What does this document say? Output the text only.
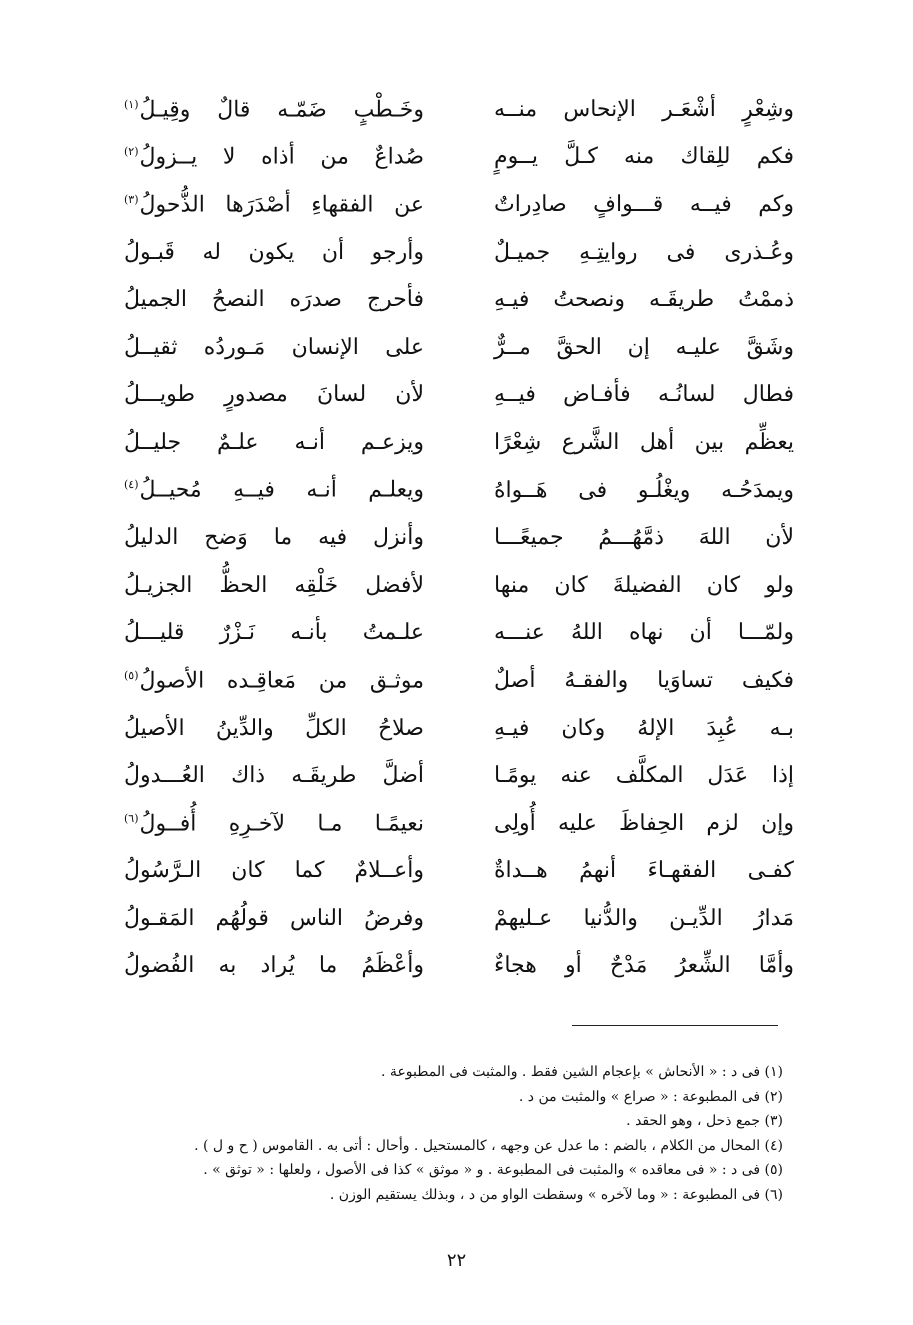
وشِعْرٍ أشْعَـر الإنحاس منــه
وخَـطْبٍ ضَمّـه قالٌ وقِيـلُ$^{(١)}$
فكم للِقاك منه كـلَّ يــومٍ
صُداعٌ من أذاه لا يــزولُ$^{(٢)}$
وكم فيــه قـــوافٍ صادِراتٌ
عن الفقهاءِ أصْدَرَها الذُّحولُ$^{(٣)}$
وعُـذرى فى روايتِـهِ جميـلٌ
وأرجو أن يكون له قَبـولُ
ذممْتُ طريقَـه ونصحتُ فيـهِ
فأحرج صدرَه النصحُ الجميلُ
وشَقَّ عليـه إن الحقَّ مــرٌّ
على الإنسان مَـوردُه ثقيــلُ
فطال لسانُـه فأفـاض فيــهِ
لأن لسانَ مصدورٍ طويـــلُ
يعظِّم بين أهل الشَّرع شِعْرًا
ويزعـم أنـه علـمٌ جليــلُ
ويمدَحُـه ويغْلُـو فى هَــواهُ
ويعلـم أنـه فيــهِ مُحيــلُ$^{(٤)}$
لأن اللهَ ذمَّهُـــمُ جميعًـــا
وأنزل فيه ما وَضح الدليلُ
ولو كان الفضيلةَ كان منها
لأفضل خَلْقِه الحظُّ الجزيـلُ
ولمّـــا أن نهاه اللهُ عنـــه
علـمتُ بأنـه نَـزْرٌ قليـــلُ
فكيف تساوَيا والفقـهُ أصلٌ
موثـق من مَعاقِـده الأصولُ$^{(٥)}$
بـه عُبِدَ الإلهُ وكان فيـهِ
صلاحُ الكلِّ والدِّينُ الأصيلُ
إذا عَدَل المكلَّف عنه يومًـا
أضلَّ طريقَـه ذاك العُـــدولُ
وإن لزم الحِفاظَ عليه أُولِى
نعيمًـا مـا لآخـرِهِ أُفــولُ$^{(٦)}$
كفـى الفقهـاءَ أنهمُ هــداةٌ
وأعــلامٌ كما كان الـرَّسُولُ
مَدارُ الدِّيـن والدُّنيا عـليهمْ
وفرضُ الناس قولُهُم المَقـولُ
وأمَّا الشِّعرُ مَدْحٌ أو هجاءٌ
وأعْظَمُ ما يُراد به الفُضولُ
(١) فى د : « الأنحاش » بإعجام الشين فقط . والمثبت فى المطبوعة .
(٢) فى المطبوعة : « صراع » والمثبت من د .
(٣) جمع ذحل ، وهو الحقد .
(٤) المحال من الكلام ، بالضم : ما عدل عن وجهه ، كالمستحيل . وأحال : أتى به . القاموس ( ح و ل ) .
(٥) فى د : « فى معاقده » والمثبت فى المطبوعة . و « موثق » كذا فى الأصول ، ولعلها : « توثق » .
(٦) فى المطبوعة : « وما لآخره » وسقطت الواو من د ، وبذلك يستقيم الوزن .
٢٢
